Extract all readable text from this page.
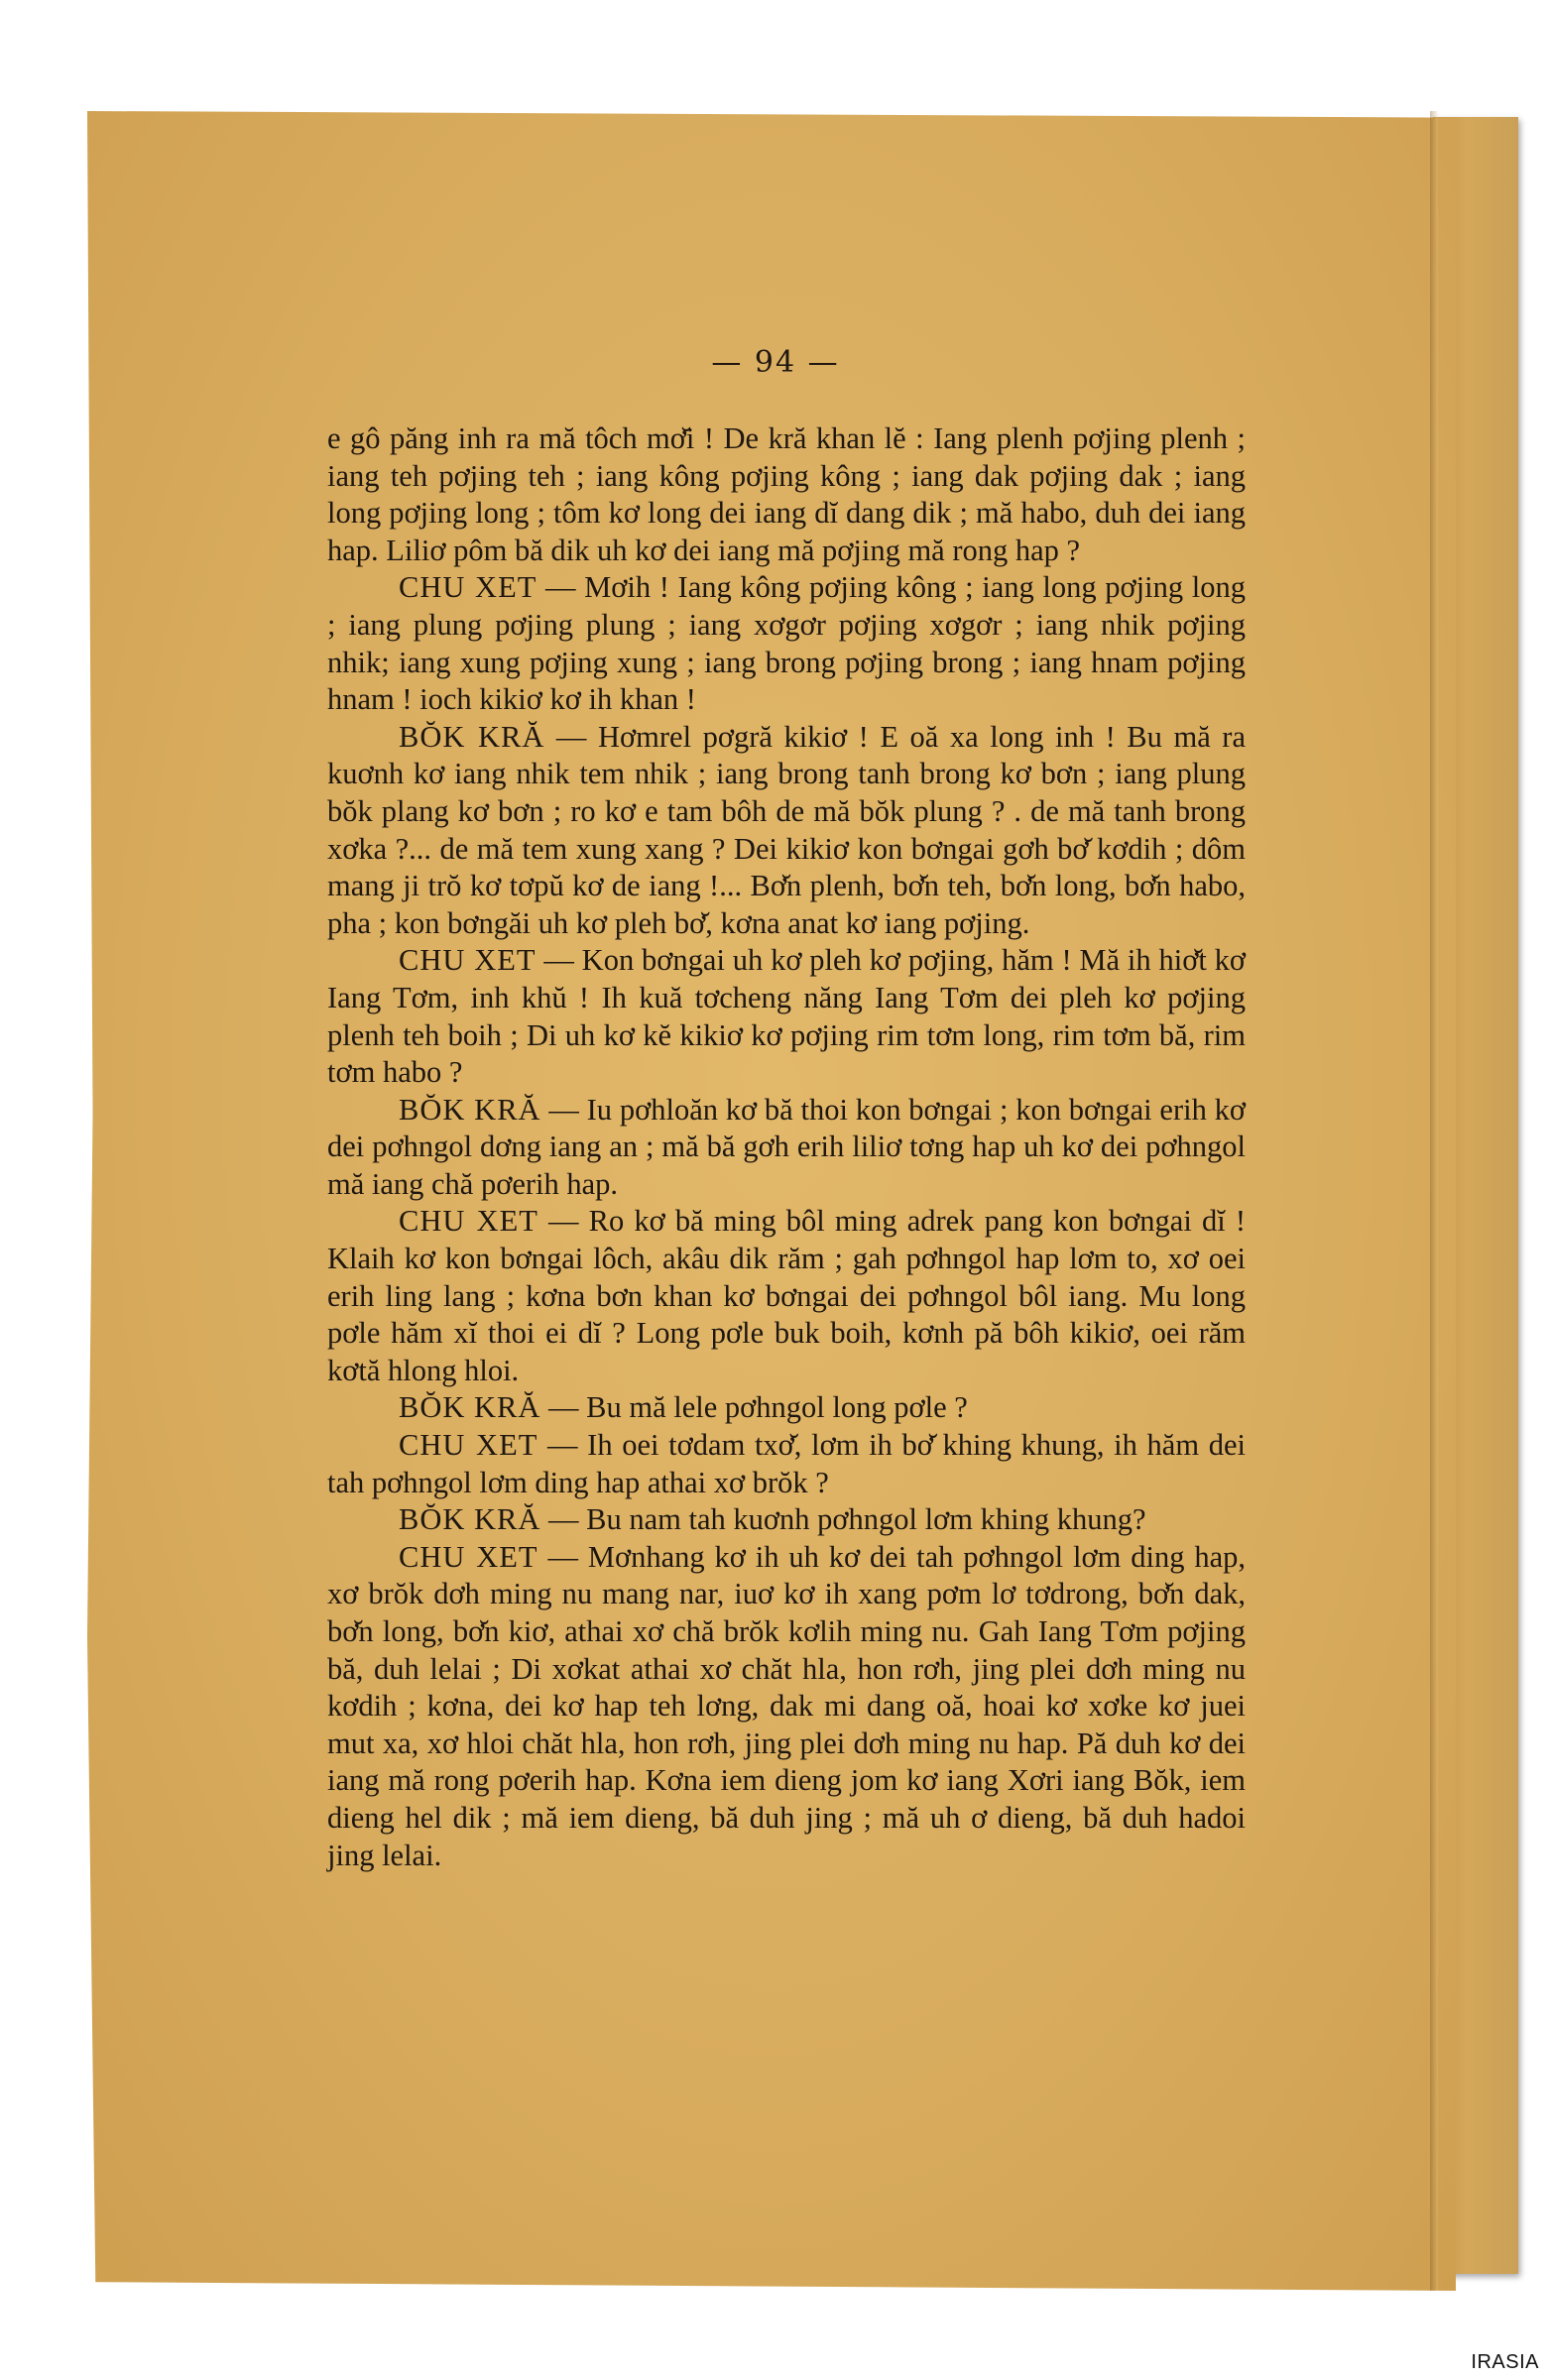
— 94 —

e gô păng inh ra mă tôch mơ̆i ! De kră khan lĕ : Iang plenh pơjing plenh ; iang teh pơjing teh ; iang kông pơjing kông ; iang dak pơjing dak ; iang long pơjing long ; tôm kơ long dei iang dĭ dang dik ; mă habo, duh dei iang hap. Liliơ pôm bă dik uh kơ dei iang mă pơjing mă rong hap ?

CHU XET — Mơih ! Iang kông pơjing kông ; iang long pơjing long ; iang plung pơjing plung ; iang xơgơr pơjing xơgơr ; iang nhik pơjing nhik; iang xung pơjing xung ; iang brong pơjing brong ; iang hnam pơjing hnam ! ioch kikiơ kơ ih khan !

BŎK KRĂ — Hơmrel pơgră kikiơ ! E oă xa long inh ! Bu mă ra kuơnh kơ iang nhik tem nhik ; iang brong tanh brong kơ bơn ; iang plung bŏk plang kơ bơn ; ro kơ e tam bôh de mă bŏk plung ? . de mă tanh brong xơka ?... de mă tem xung xang ? Dei kikiơ kon bơngai gơh bơ̆ kơdih ; dôm mang ji trŏ kơ tơpŭ kơ de iang !... Bơ̆n plenh, bơ̆n teh, bơ̆n long, bơ̆n habo, pha ; kon bơngăi uh kơ pleh bơ̆, kơna anat kơ iang pơjing.

CHU XET — Kon bơngai uh kơ pleh kơ pơjing, hăm ! Mă ih hiơ̆t kơ Iang Tơm, inh khŭ ! Ih kuă tơcheng năng Iang Tơm dei pleh kơ pơjing plenh teh boih ; Di uh kơ kĕ kikiơ kơ pơjing rim tơm long, rim tơm bă, rim tơm habo ?

BŎK KRĂ — Iu pơhloăn kơ bă thoi kon bơngai ; kon bơngai erih kơ dei pơhngol dơng iang an ; mă bă gơh erih liliơ tơng hap uh kơ dei pơhngol mă iang chă pơerih hap.

CHU XET — Ro kơ bă ming bôl ming adrek pang kon bơngai dĭ ! Klaih kơ kon bơngai lôch, akâu dik răm ; gah pơhngol hap lơm to, xơ oei erih ling lang ; kơna bơn khan kơ bơngai dei pơhngol bôl iang. Mu long pơle hăm xĭ thoi ei dĭ ? Long pơle buk boih, kơnh pă bôh kikiơ, oei răm kơtă hlong hloi.

BŎK KRĂ — Bu mă lele pơhngol long pơle ?

CHU XET — Ih oei tơdam txơ̆, lơm ih bơ̆ khing khung, ih hăm dei tah pơhngol lơm ding hap athai xơ brŏk ?

BŎK KRĂ — Bu nam tah kuơnh pơhngol lơm khing khung?

CHU XET — Mơnhang kơ ih uh kơ dei tah pơhngol lơm ding hap, xơ brŏk dơh ming nu mang nar, iuơ kơ ih xang pơm lơ tơdrong, bơ̆n dak, bơ̆n long, bơ̆n kiơ, athai xơ chă brŏk kơlih ming nu. Gah Iang Tơm pơjing bă, duh lelai ; Di xơkat athai xơ chăt hla, hon rơh, jing plei dơh ming nu kơdih ; kơna, dei kơ hap teh lơng, dak mi dang oă, hoai kơ xơke kơ juei mut xa, xơ hloi chăt hla, hon rơh, jing plei dơh ming nu hap. Pă duh kơ dei iang mă rong pơerih hap. Kơna iem dieng jom kơ iang Xơri iang Bŏk, iem dieng hel dik ; mă iem dieng, bă duh jing ; mă uh ơ dieng, bă duh hadoi jing lelai.

IRASIA
